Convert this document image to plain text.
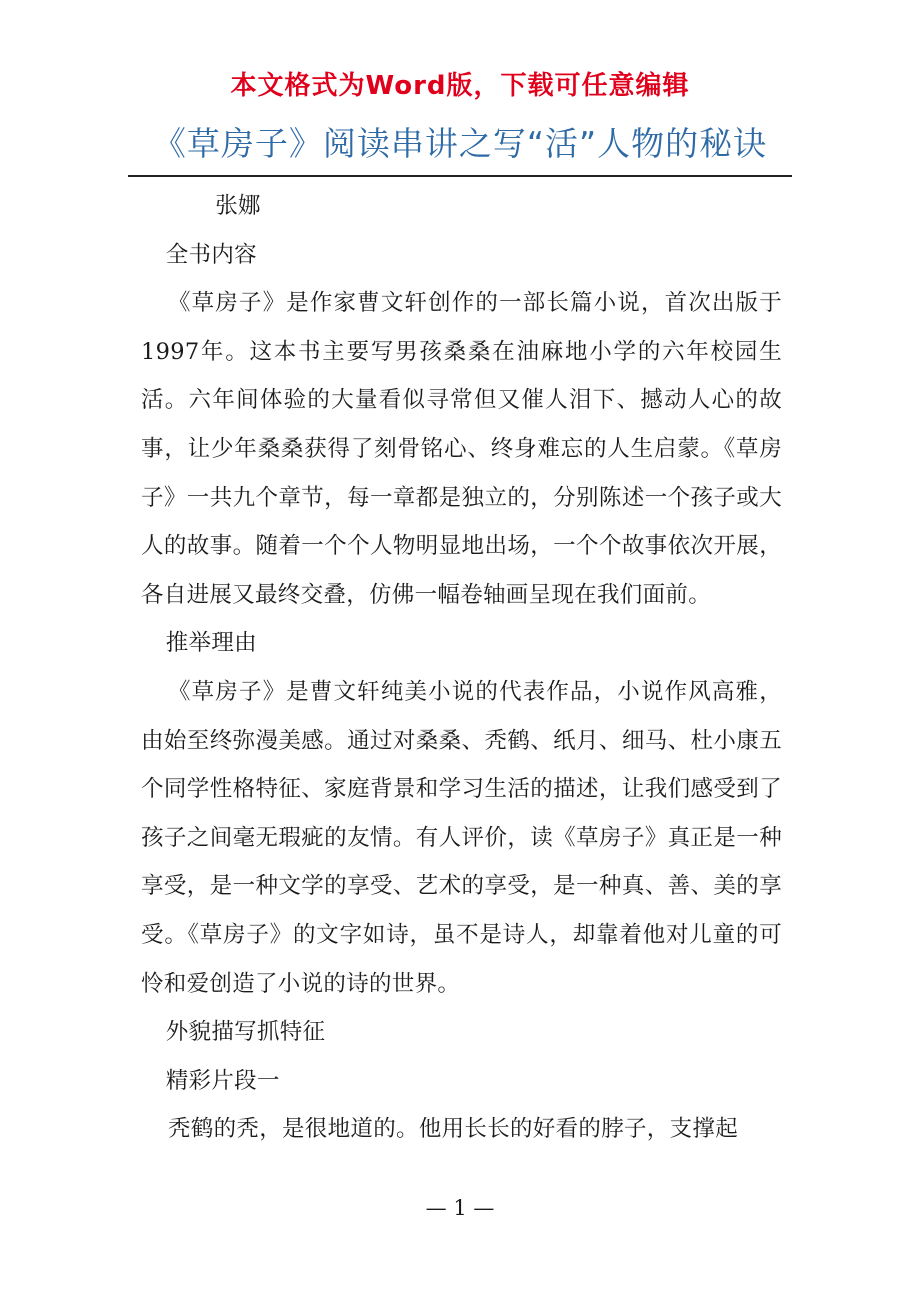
本文格式为Word版，下载可任意编辑
《草房子》阅读串讲之写“活”人物的秘诀

张娜

全书内容

《草房子》是作家曹文轩创作的一部长篇小说，首次出版于1997年。这本书主要写男孩桑桑在油麻地小学的六年校园生活。六年间体验的大量看似寻常但又催人泪下、撼动人心的故事，让少年桑桑获得了刻骨铭心、终身难忘的人生启蒙。《草房子》一共九个章节，每一章都是独立的，分别陈述一个孩子或大人的故事。随着一个个人物明显地出场，一个个故事依次开展，各自进展又最终交叠，仿佛一幅卷轴画呈现在我们面前。

推举理由

《草房子》是曹文轩纯美小说的代表作品，小说作风高雅，由始至终弥漫美感。通过对桑桑、秃鹤、纸月、细马、杜小康五个同学性格特征、家庭背景和学习生活的描述，让我们感受到了孩子之间毫无瑕疵的友情。有人评价，读《草房子》真正是一种享受，是一种文学的享受、艺术的享受，是一种真、善、美的享受。《草房子》的文字如诗，虽不是诗人，却靠着他对儿童的可怜和爱创造了小说的诗的世界。

外貌描写抓特征

精彩片段一

秃鹤的秃，是很地道的。他用长长的好看的脖子，支撑起

— 1 —
